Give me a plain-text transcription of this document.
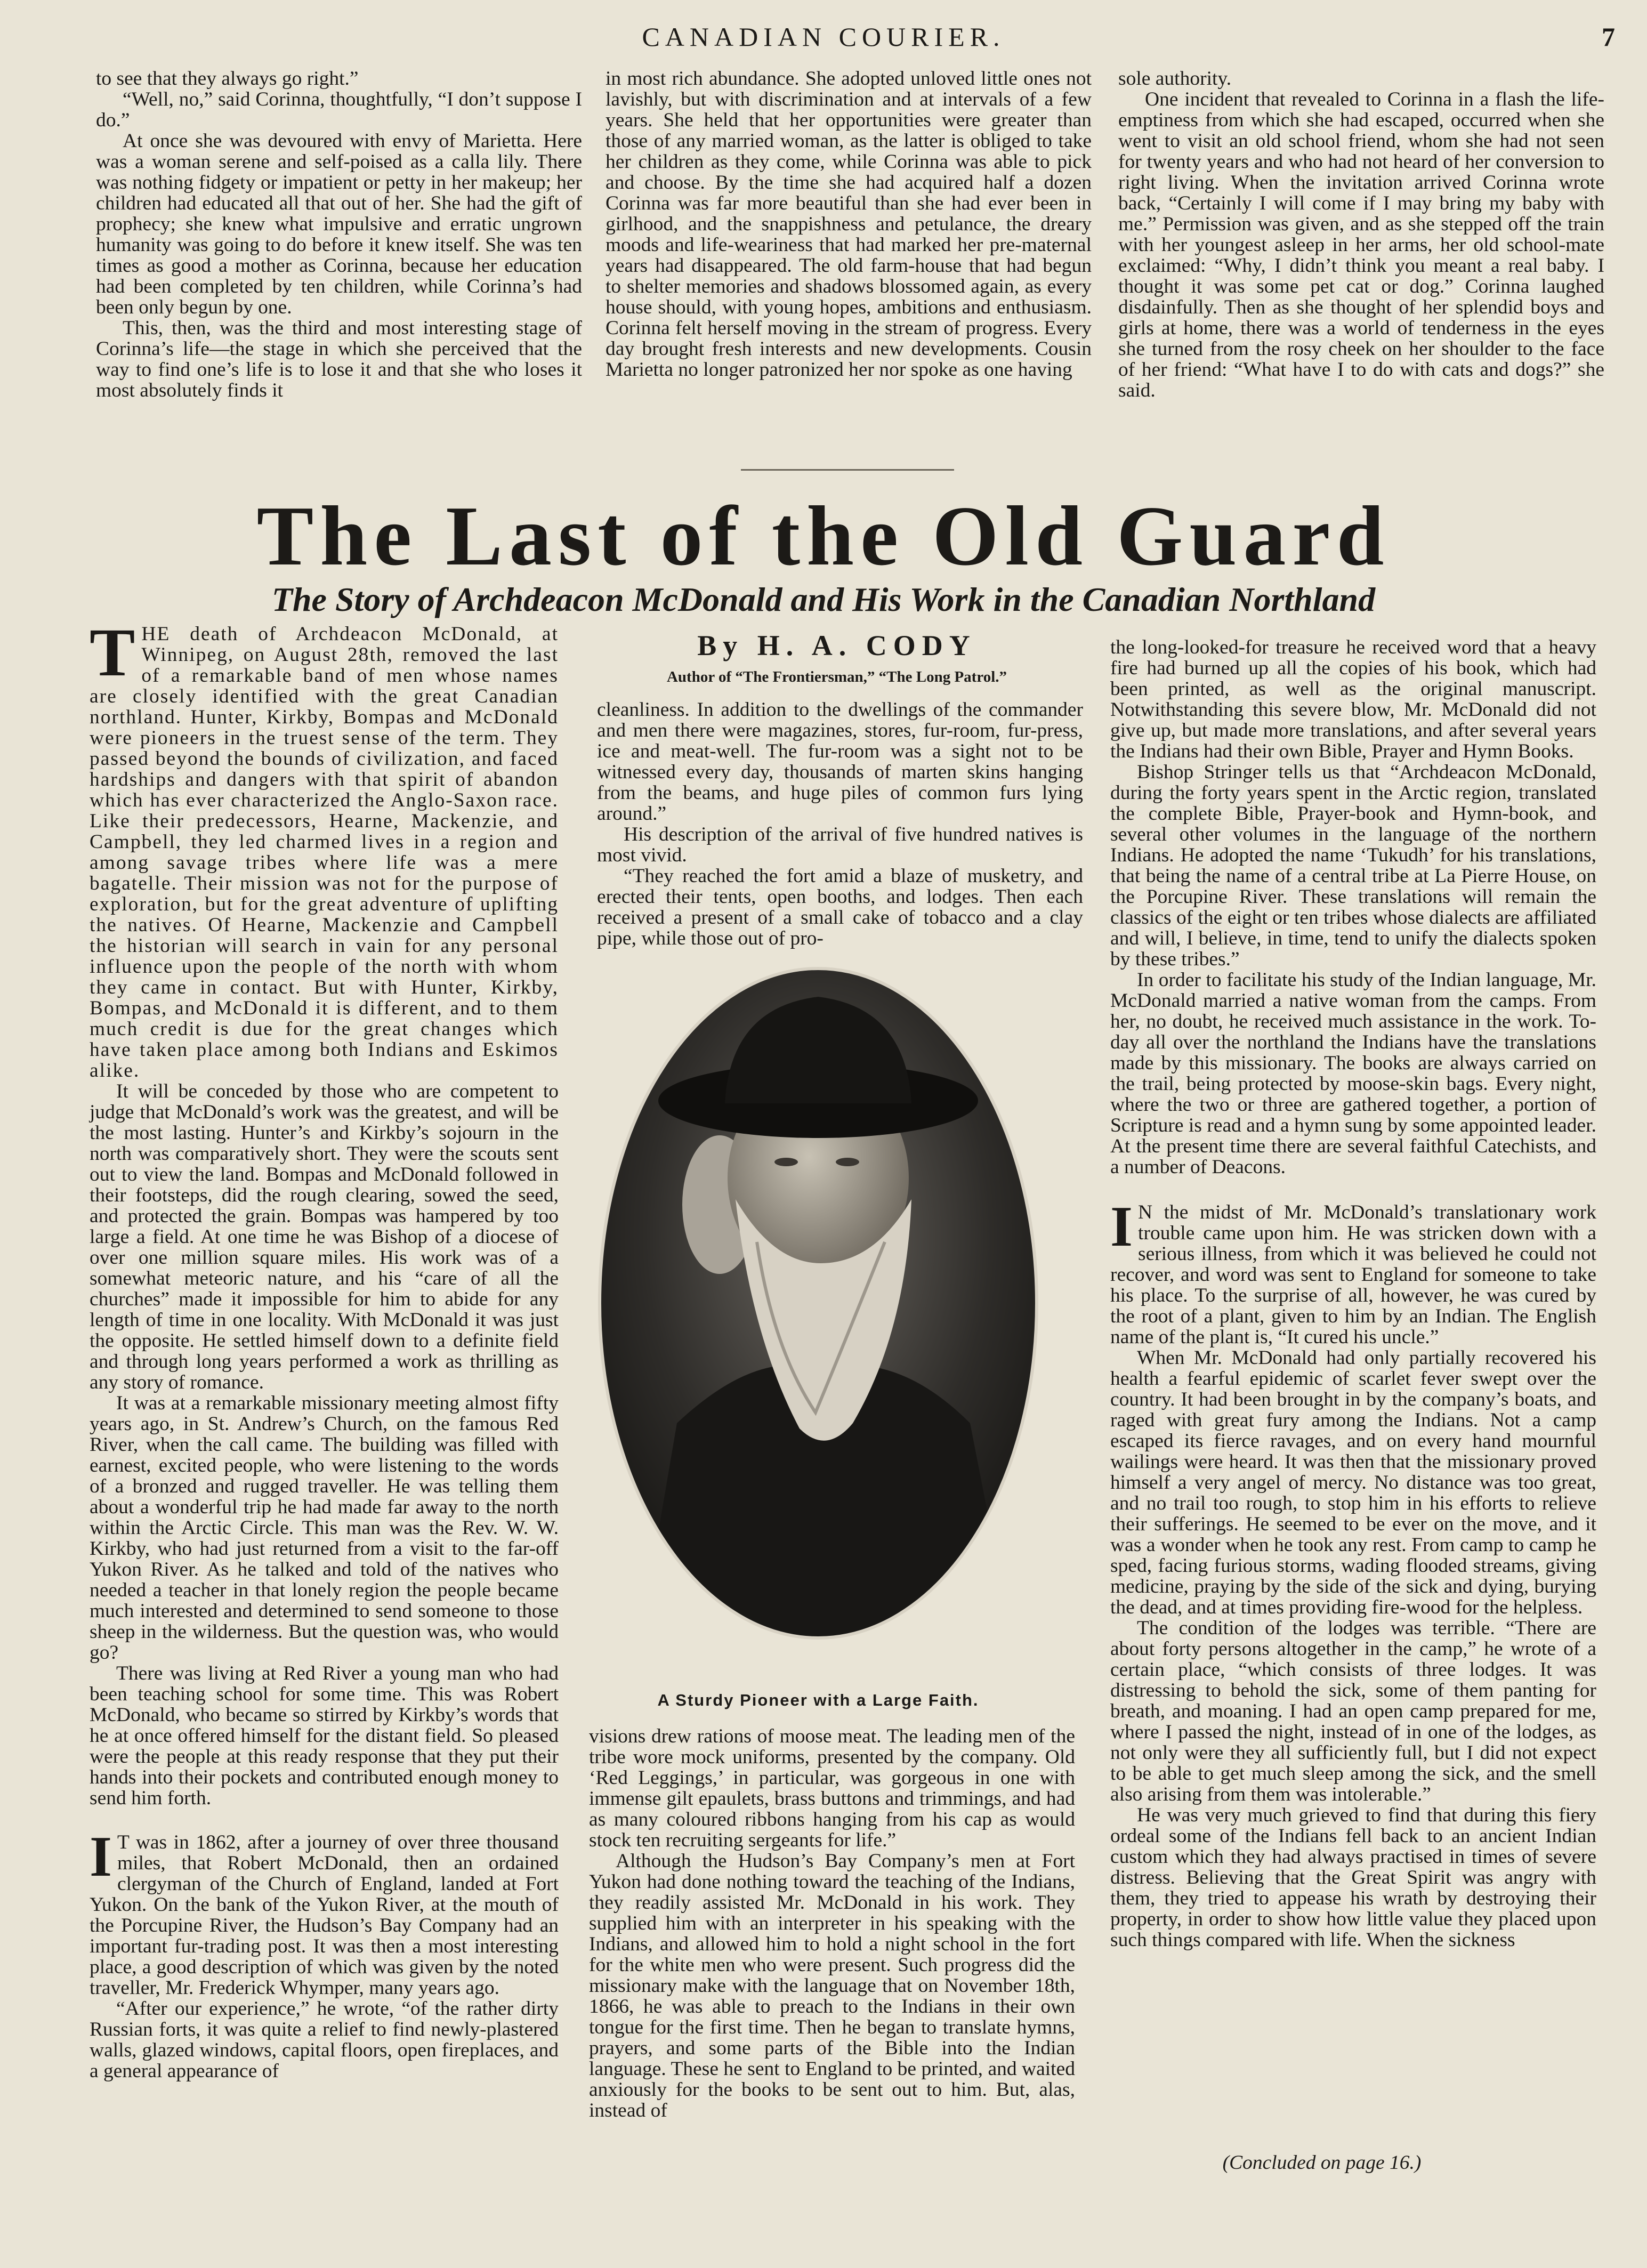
CANADIAN COURIER.	7

to see that they always go right.”

“Well, no,” said Corinna, thoughtfully, “I don’t suppose I do.”

At once she was devoured with envy of Marietta. Here was a woman serene and self-poised as a calla lily. There was nothing fidgety or impatient or petty in her makeup; her children had educated all that out of her. She had the gift of prophecy; she knew what impulsive and erratic ungrown humanity was going to do before it knew itself. She was ten times as good a mother as Corinna, because her education had been completed by ten children, while Corinna’s had been only begun by one.

This, then, was the third and most interesting stage of Corinna’s life—the stage in which she perceived that the way to find one’s life is to lose it and that she who loses it most absolutely finds it

in most rich abundance. She adopted unloved little ones not lavishly, but with discrimination and at intervals of a few years. She held that her opportunities were greater than those of any married woman, as the latter is obliged to take her children as they come, while Corinna was able to pick and choose. By the time she had acquired half a dozen Corinna was far more beautiful than she had ever been in girlhood, and the snappishness and petulance, the dreary moods and life-weariness that had marked her pre-maternal years had disappeared. The old farm-house that had begun to shelter memories and shadows blossomed again, as every house should, with young hopes, ambitions and enthusiasm. Corinna felt herself moving in the stream of progress. Every day brought fresh interests and new developments. Cousin Marietta no longer patronized her nor spoke as one having

sole authority.

One incident that revealed to Corinna in a flash the life-emptiness from which she had escaped, occurred when she went to visit an old school friend, whom she had not seen for twenty years and who had not heard of her conversion to right living. When the invitation arrived Corinna wrote back, “Certainly I will come if I may bring my baby with me.” Permission was given, and as she stepped off the train with her youngest asleep in her arms, her old school-mate exclaimed: “Why, I didn’t think you meant a real baby. I thought it was some pet cat or dog.” Corinna laughed disdainfully. Then as she thought of her splendid boys and girls at home, there was a world of tenderness in the eyes she turned from the rosy cheek on her shoulder to the face of her friend: “What have I to do with cats and dogs?” she said.

The Last of the Old Guard
The Story of Archdeacon McDonald and His Work in the Canadian Northland
By H. A. CODY
Author of “The Frontiersman,” “The Long Patrol.”

THE death of Archdeacon McDonald, at Winnipeg, on August 28th, removed the last of a remarkable band of men whose names are closely identified with the great Canadian northland. Hunter, Kirkby, Bompas and McDonald were pioneers in the truest sense of the term. They passed beyond the bounds of civilization, and faced hardships and dangers with that spirit of abandon which has ever characterized the Anglo-Saxon race. Like their predecessors, Hearne, Mackenzie, and Campbell, they led charmed lives in a region and among savage tribes where life was a mere bagatelle. Their mission was not for the purpose of exploration, but for the great adventure of uplifting the natives. Of Hearne, Mackenzie and Campbell the historian will search in vain for any personal influence upon the people of the north with whom they came in contact. But with Hunter, Kirkby, Bompas, and McDonald it is different, and to them much credit is due for the great changes which have taken place among both Indians and Eskimos alike.

It will be conceded by those who are competent to judge that McDonald’s work was the greatest, and will be the most lasting. Hunter’s and Kirkby’s sojourn in the north was comparatively short. They were the scouts sent out to view the land. Bompas and McDonald followed in their footsteps, did the rough clearing, sowed the seed, and protected the grain. Bompas was hampered by too large a field. At one time he was Bishop of a diocese of over one million square miles. His work was of a somewhat meteoric nature, and his “care of all the churches” made it impossible for him to abide for any length of time in one locality. With McDonald it was just the opposite. He settled himself down to a definite field and through long years performed a work as thrilling as any story of romance.

It was at a remarkable missionary meeting almost fifty years ago, in St. Andrew’s Church, on the famous Red River, when the call came. The building was filled with earnest, excited people, who were listening to the words of a bronzed and rugged traveller. He was telling them about a wonderful trip he had made far away to the north within the Arctic Circle. This man was the Rev. W. W. Kirkby, who had just returned from a visit to the far-off Yukon River. As he talked and told of the natives who needed a teacher in that lonely region the people became much interested and determined to send someone to those sheep in the wilderness. But the question was, who would go?

There was living at Red River a young man who had been teaching school for some time. This was Robert McDonald, who became so stirred by Kirkby’s words that he at once offered himself for the distant field. So pleased were the people at this ready response that they put their hands into their pockets and contributed enough money to send him forth.

I T was in 1862, after a journey of over three thousand miles, that Robert McDonald, then an ordained clergyman of the Church of England, landed at Fort Yukon. On the bank of the Yukon River, at the mouth of the Porcupine River, the Hudson’s Bay Company had an important fur-trading post. It was then a most interesting place, a good description of which was given by the noted traveller, Mr. Frederick Whymper, many years ago.

“After our experience,” he wrote, “of the rather dirty Russian forts, it was quite a relief to find newly-plastered walls, glazed windows, capital floors, open fireplaces, and a general appearance of

cleanliness. In addition to the dwellings of the commander and men there were magazines, stores, fur-room, fur-press, ice and meat-well. The fur-room was a sight not to be witnessed every day, thousands of marten skins hanging from the beams, and huge piles of common furs lying around.”

His description of the arrival of five hundred natives is most vivid.

“They reached the fort amid a blaze of musketry, and erected their tents, open booths, and lodges. Then each received a present of a small cake of tobacco and a clay pipe, while those out of pro-

A Sturdy Pioneer with a Large Faith.

visions drew rations of moose meat. The leading men of the tribe wore mock uniforms, presented by the company. Old ‘Red Leggings,’ in particular, was gorgeous in one with immense gilt epaulets, brass buttons and trimmings, and had as many coloured ribbons hanging from his cap as would stock ten recruiting sergeants for life.”

Although the Hudson’s Bay Company’s men at Fort Yukon had done nothing toward the teaching of the Indians, they readily assisted Mr. McDonald in his work. They supplied him with an interpreter in his speaking with the Indians, and allowed him to hold a night school in the fort for the white men who were present. Such progress did the missionary make with the language that on November 18th, 1866, he was able to preach to the Indians in their own tongue for the first time. Then he began to translate hymns, prayers, and some parts of the Bible into the Indian language. These he sent to England to be printed, and waited anxiously for the books to be sent out to him. But, alas, instead of

the long-looked-for treasure he received word that a heavy fire had burned up all the copies of his book, which had been printed, as well as the original manuscript. Notwithstanding this severe blow, Mr. McDonald did not give up, but made more translations, and after several years the Indians had their own Bible, Prayer and Hymn Books.

Bishop Stringer tells us that “Archdeacon McDonald, during the forty years spent in the Arctic region, translated the complete Bible, Prayer-book and Hymn-book, and several other volumes in the language of the northern Indians. He adopted the name ‘Tukudh’ for his translations, that being the name of a central tribe at La Pierre House, on the Porcupine River. These translations will remain the classics of the eight or ten tribes whose dialects are affiliated and will, I believe, in time, tend to unify the dialects spoken by these tribes.”

In order to facilitate his study of the Indian language, Mr. McDonald married a native woman from the camps. From her, no doubt, he received much assistance in the work. To-day all over the northland the Indians have the translations made by this missionary. The books are always carried on the trail, being protected by moose-skin bags. Every night, where the two or three are gathered together, a portion of Scripture is read and a hymn sung by some appointed leader. At the present time there are several faithful Catechists, and a number of Deacons.

I N the midst of Mr. McDonald’s translationary work trouble came upon him. He was stricken down with a serious illness, from which it was believed he could not recover, and word was sent to England for someone to take his place. To the surprise of all, however, he was cured by the root of a plant, given to him by an Indian. The English name of the plant is, “It cured his uncle.”

When Mr. McDonald had only partially recovered his health a fearful epidemic of scarlet fever swept over the country. It had been brought in by the company’s boats, and raged with great fury among the Indians. Not a camp escaped its fierce ravages, and on every hand mournful wailings were heard. It was then that the missionary proved himself a very angel of mercy. No distance was too great, and no trail too rough, to stop him in his efforts to relieve their sufferings. He seemed to be ever on the move, and it was a wonder when he took any rest. From camp to camp he sped, facing furious storms, wading flooded streams, giving medicine, praying by the side of the sick and dying, burying the dead, and at times providing fire-wood for the helpless.

The condition of the lodges was terrible. “There are about forty persons altogether in the camp,” he wrote of a certain place, “which consists of three lodges. It was distressing to behold the sick, some of them panting for breath, and moaning. I had an open camp prepared for me, where I passed the night, instead of in one of the lodges, as not only were they all sufficiently full, but I did not expect to be able to get much sleep among the sick, and the smell also arising from them was intolerable.”

He was very much grieved to find that during this fiery ordeal some of the Indians fell back to an ancient Indian custom which they had always practised in times of severe distress. Believing that the Great Spirit was angry with them, they tried to appease his wrath by destroying their property, in order to show how little value they placed upon such things compared with life. When the sickness

(Concluded on page 16.)
